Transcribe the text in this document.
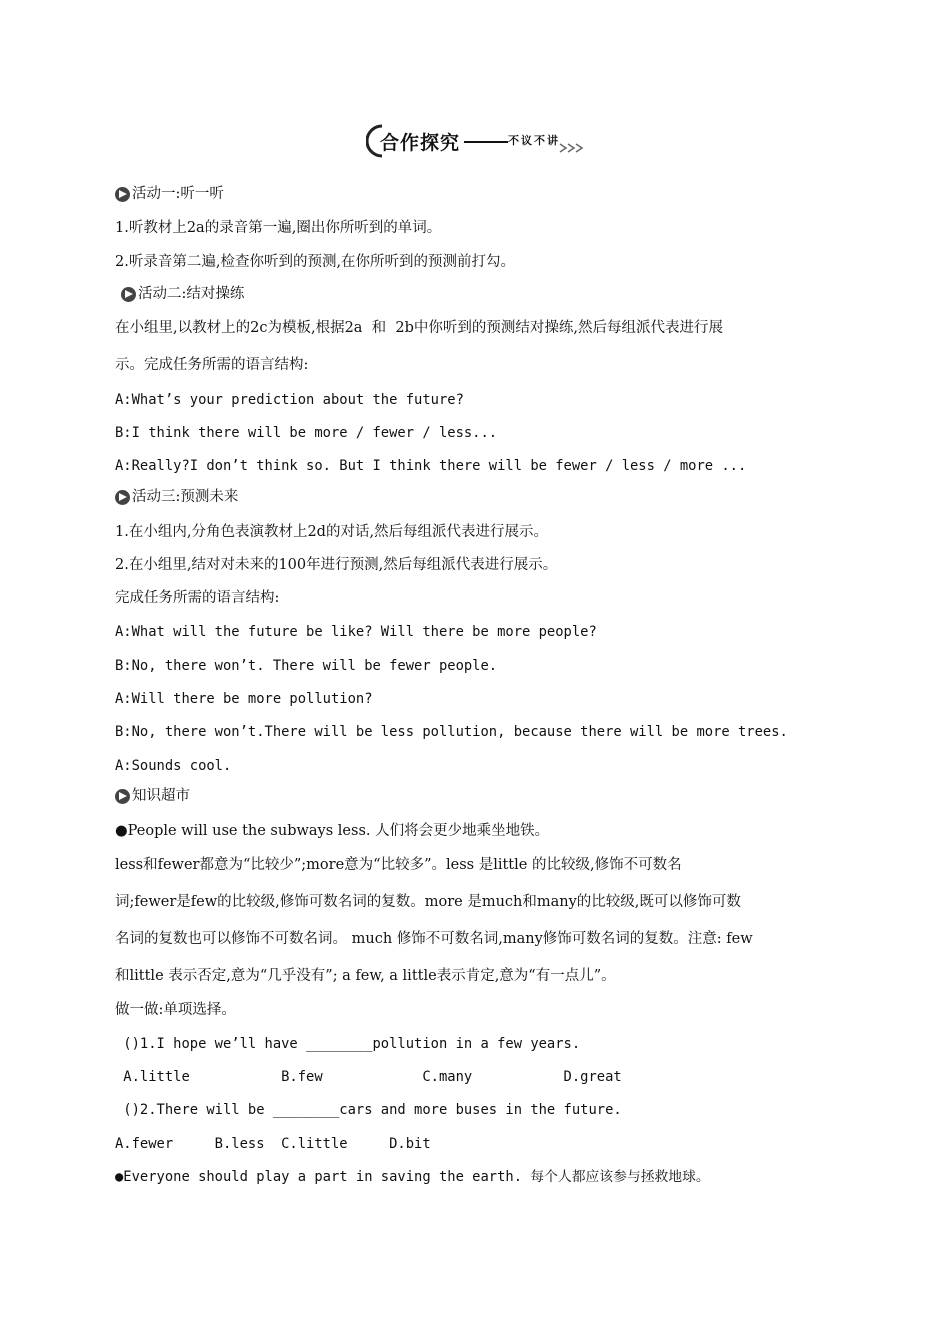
合作探究	不议不讲
活动一:听一听
1.听教材上2a的录音第一遍,圈出你所听到的单词。
2.听录音第二遍,检查你听到的预测,在你所听到的预测前打勾。
活动二:结对操练
在小组里,以教材上的2c为模板,根据2a  和  2b中你听到的预测结对操练,然后每组派代表进行展
示。完成任务所需的语言结构:
A:What’s your prediction about the future?
B:I think there will be more / fewer / less...
A:Really?I don’t think so. But I think there will be fewer / less / more ...
活动三:预测未来
1.在小组内,分角色表演教材上2d的对话,然后每组派代表进行展示。
2.在小组里,结对对未来的100年进行预测,然后每组派代表进行展示。
完成任务所需的语言结构:
A:What will the future be like? Will there be more people?
B:No, there won’t. There will be fewer people.
A:Will there be more pollution?
B:No, there won’t.There will be less pollution, because there will be more trees.
A:Sounds cool.
知识超市
●People will use the subways less. 人们将会更少地乘坐地铁。
less和fewer都意为“比较少”;more意为“比较多”。less 是little 的比较级,修饰不可数名
词;fewer是few的比较级,修饰可数名词的复数。more 是much和many的比较级,既可以修饰可数
名词的复数也可以修饰不可数名词。 much 修饰不可数名词,many修饰可数名词的复数。注意: few
和little 表示否定,意为“几乎没有”; a few, a little表示肯定,意为“有一点儿”。
做一做:单项选择。
()1.I hope we’ll have ________pollution in a few years.
A.little           B.few            C.many           D.great
()2.There will be ________cars and more buses in the future.
A.fewer     B.less  C.little     D.bit
●Everyone should play a part in saving the earth. 每个人都应该参与拯救地球。
